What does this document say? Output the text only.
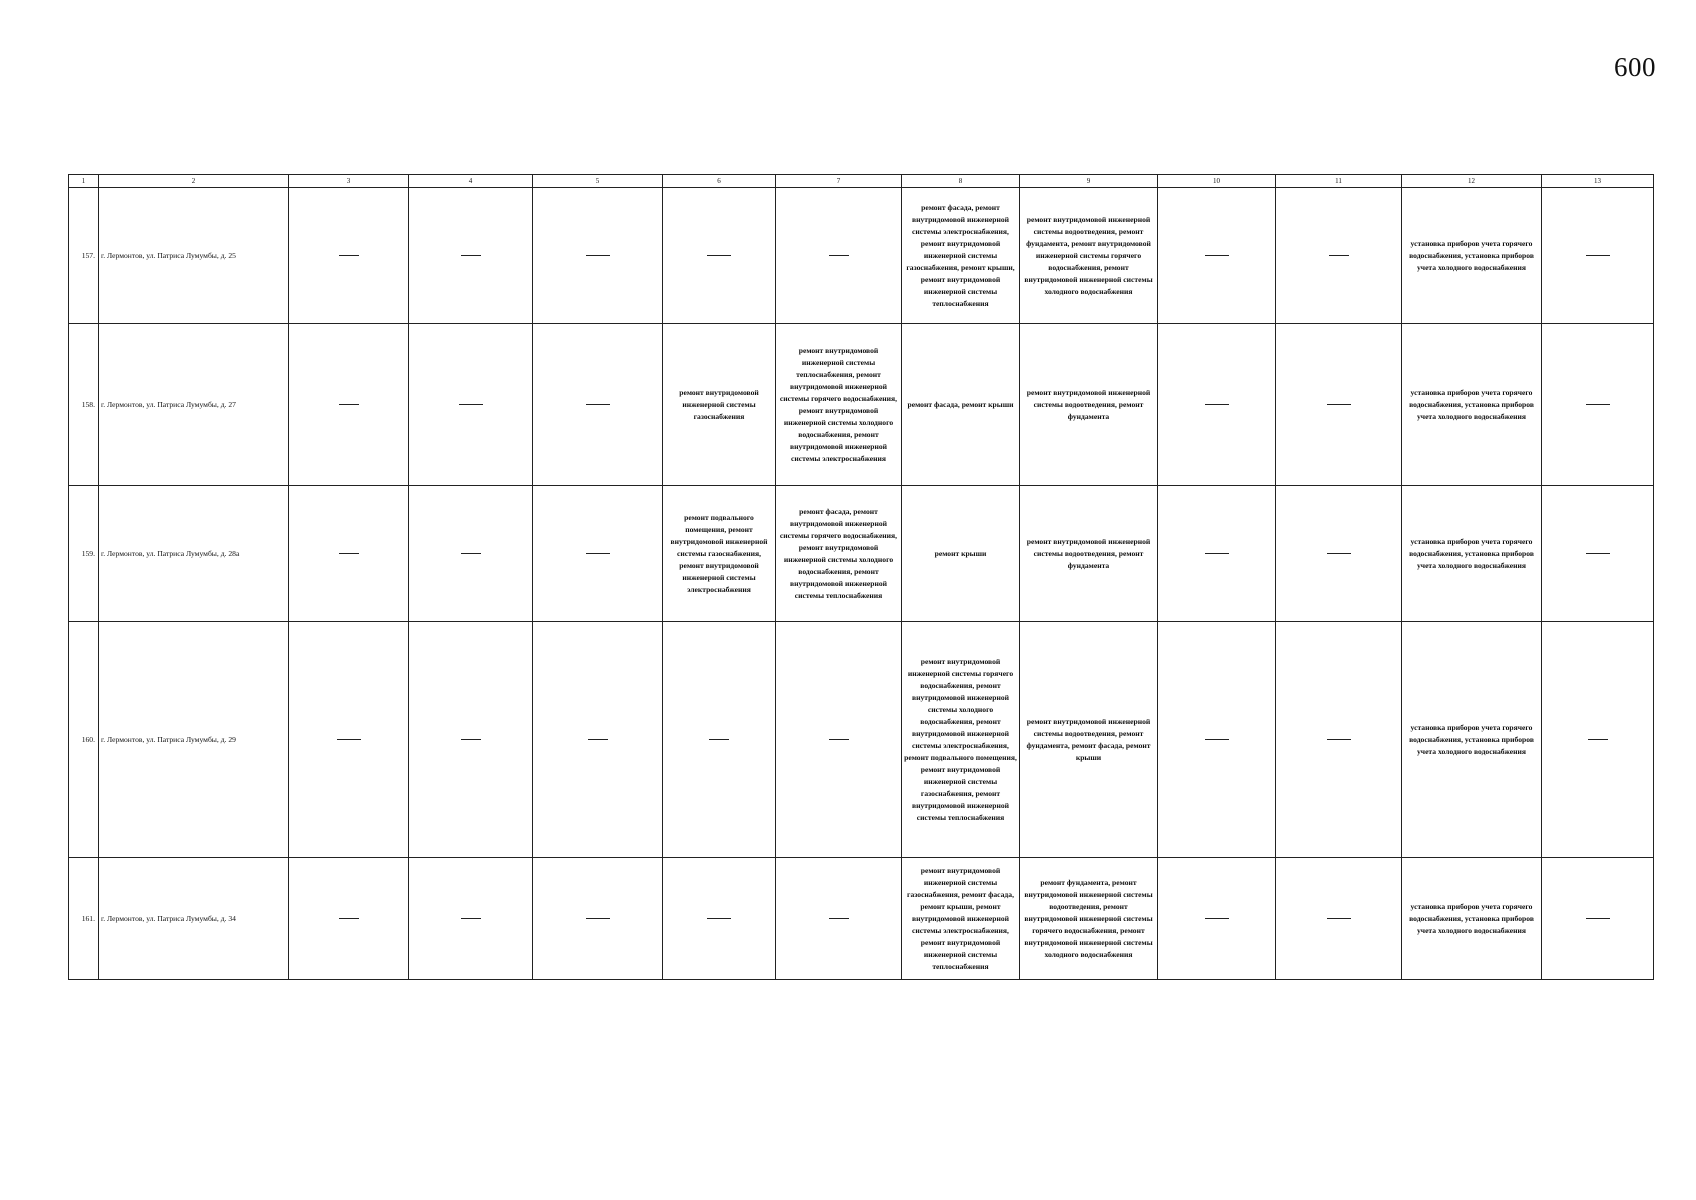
600
1	2	3	4	5	6	7	8	9	10	11	12	13
157.	г. Лермонтов, ул. Патриса Лумумбы, д. 25						ремонт фасада, ремонт внутридомовой инженерной системы электроснабжения, ремонт внутридомовой инженерной системы газоснабжения, ремонт крыши, ремонт внутридомовой инженерной системы теплоснабжения	ремонт внутридомовой инженерной системы водоотведения, ремонт фундамента, ремонт внутридомовой инженерной системы горячего водоснабжения, ремонт внутридомовой инженерной системы холодного водоснабжения			установка приборов учета горячего водоснабжения, установка приборов учета холодного водоснабжения	
158.	г. Лермонтов, ул. Патриса Лумумбы, д. 27				ремонт внутридомовой инженерной системы газоснабжения	ремонт внутридомовой инженерной системы теплоснабжения, ремонт внутридомовой инженерной системы горячего водоснабжения, ремонт внутридомовой инженерной системы холодного водоснабжения, ремонт внутридомовой инженерной системы электроснабжения	ремонт фасада, ремонт крыши	ремонт внутридомовой инженерной системы водоотведения, ремонт фундамента			установка приборов учета горячего водоснабжения, установка приборов учета холодного водоснабжения	
159.	г. Лермонтов, ул. Патриса Лумумбы, д. 28а				ремонт подвального помещения, ремонт внутридомовой инженерной системы газоснабжения, ремонт внутридомовой инженерной системы электроснабжения	ремонт фасада, ремонт внутридомовой инженерной системы горячего водоснабжения, ремонт внутридомовой инженерной системы холодного водоснабжения, ремонт внутридомовой инженерной системы теплоснабжения	ремонт крыши	ремонт внутридомовой инженерной системы водоотведения, ремонт фундамента			установка приборов учета горячего водоснабжения, установка приборов учета холодного водоснабжения	
160.	г. Лермонтов, ул. Патриса Лумумбы, д. 29						ремонт внутридомовой инженерной системы горячего водоснабжения, ремонт внутридомовой инженерной системы холодного водоснабжения, ремонт внутридомовой инженерной системы электроснабжения, ремонт подвального помещения, ремонт внутридомовой инженерной системы газоснабжения, ремонт внутридомовой инженерной системы теплоснабжения	ремонт внутридомовой инженерной системы водоотведения, ремонт фундамента, ремонт фасада, ремонт крыши			установка приборов учета горячего водоснабжения, установка приборов учета холодного водоснабжения	
161.	г. Лермонтов, ул. Патриса Лумумбы, д. 34						ремонт внутридомовой инженерной системы газоснабжения, ремонт фасада, ремонт крыши, ремонт внутридомовой инженерной системы электроснабжения, ремонт внутридомовой инженерной системы теплоснабжения	ремонт фундамента, ремонт внутридомовой инженерной системы водоотведения, ремонт внутридомовой инженерной системы горячего водоснабжения, ремонт внутридомовой инженерной системы холодного водоснабжения			установка приборов учета горячего водоснабжения, установка приборов учета холодного водоснабжения	
